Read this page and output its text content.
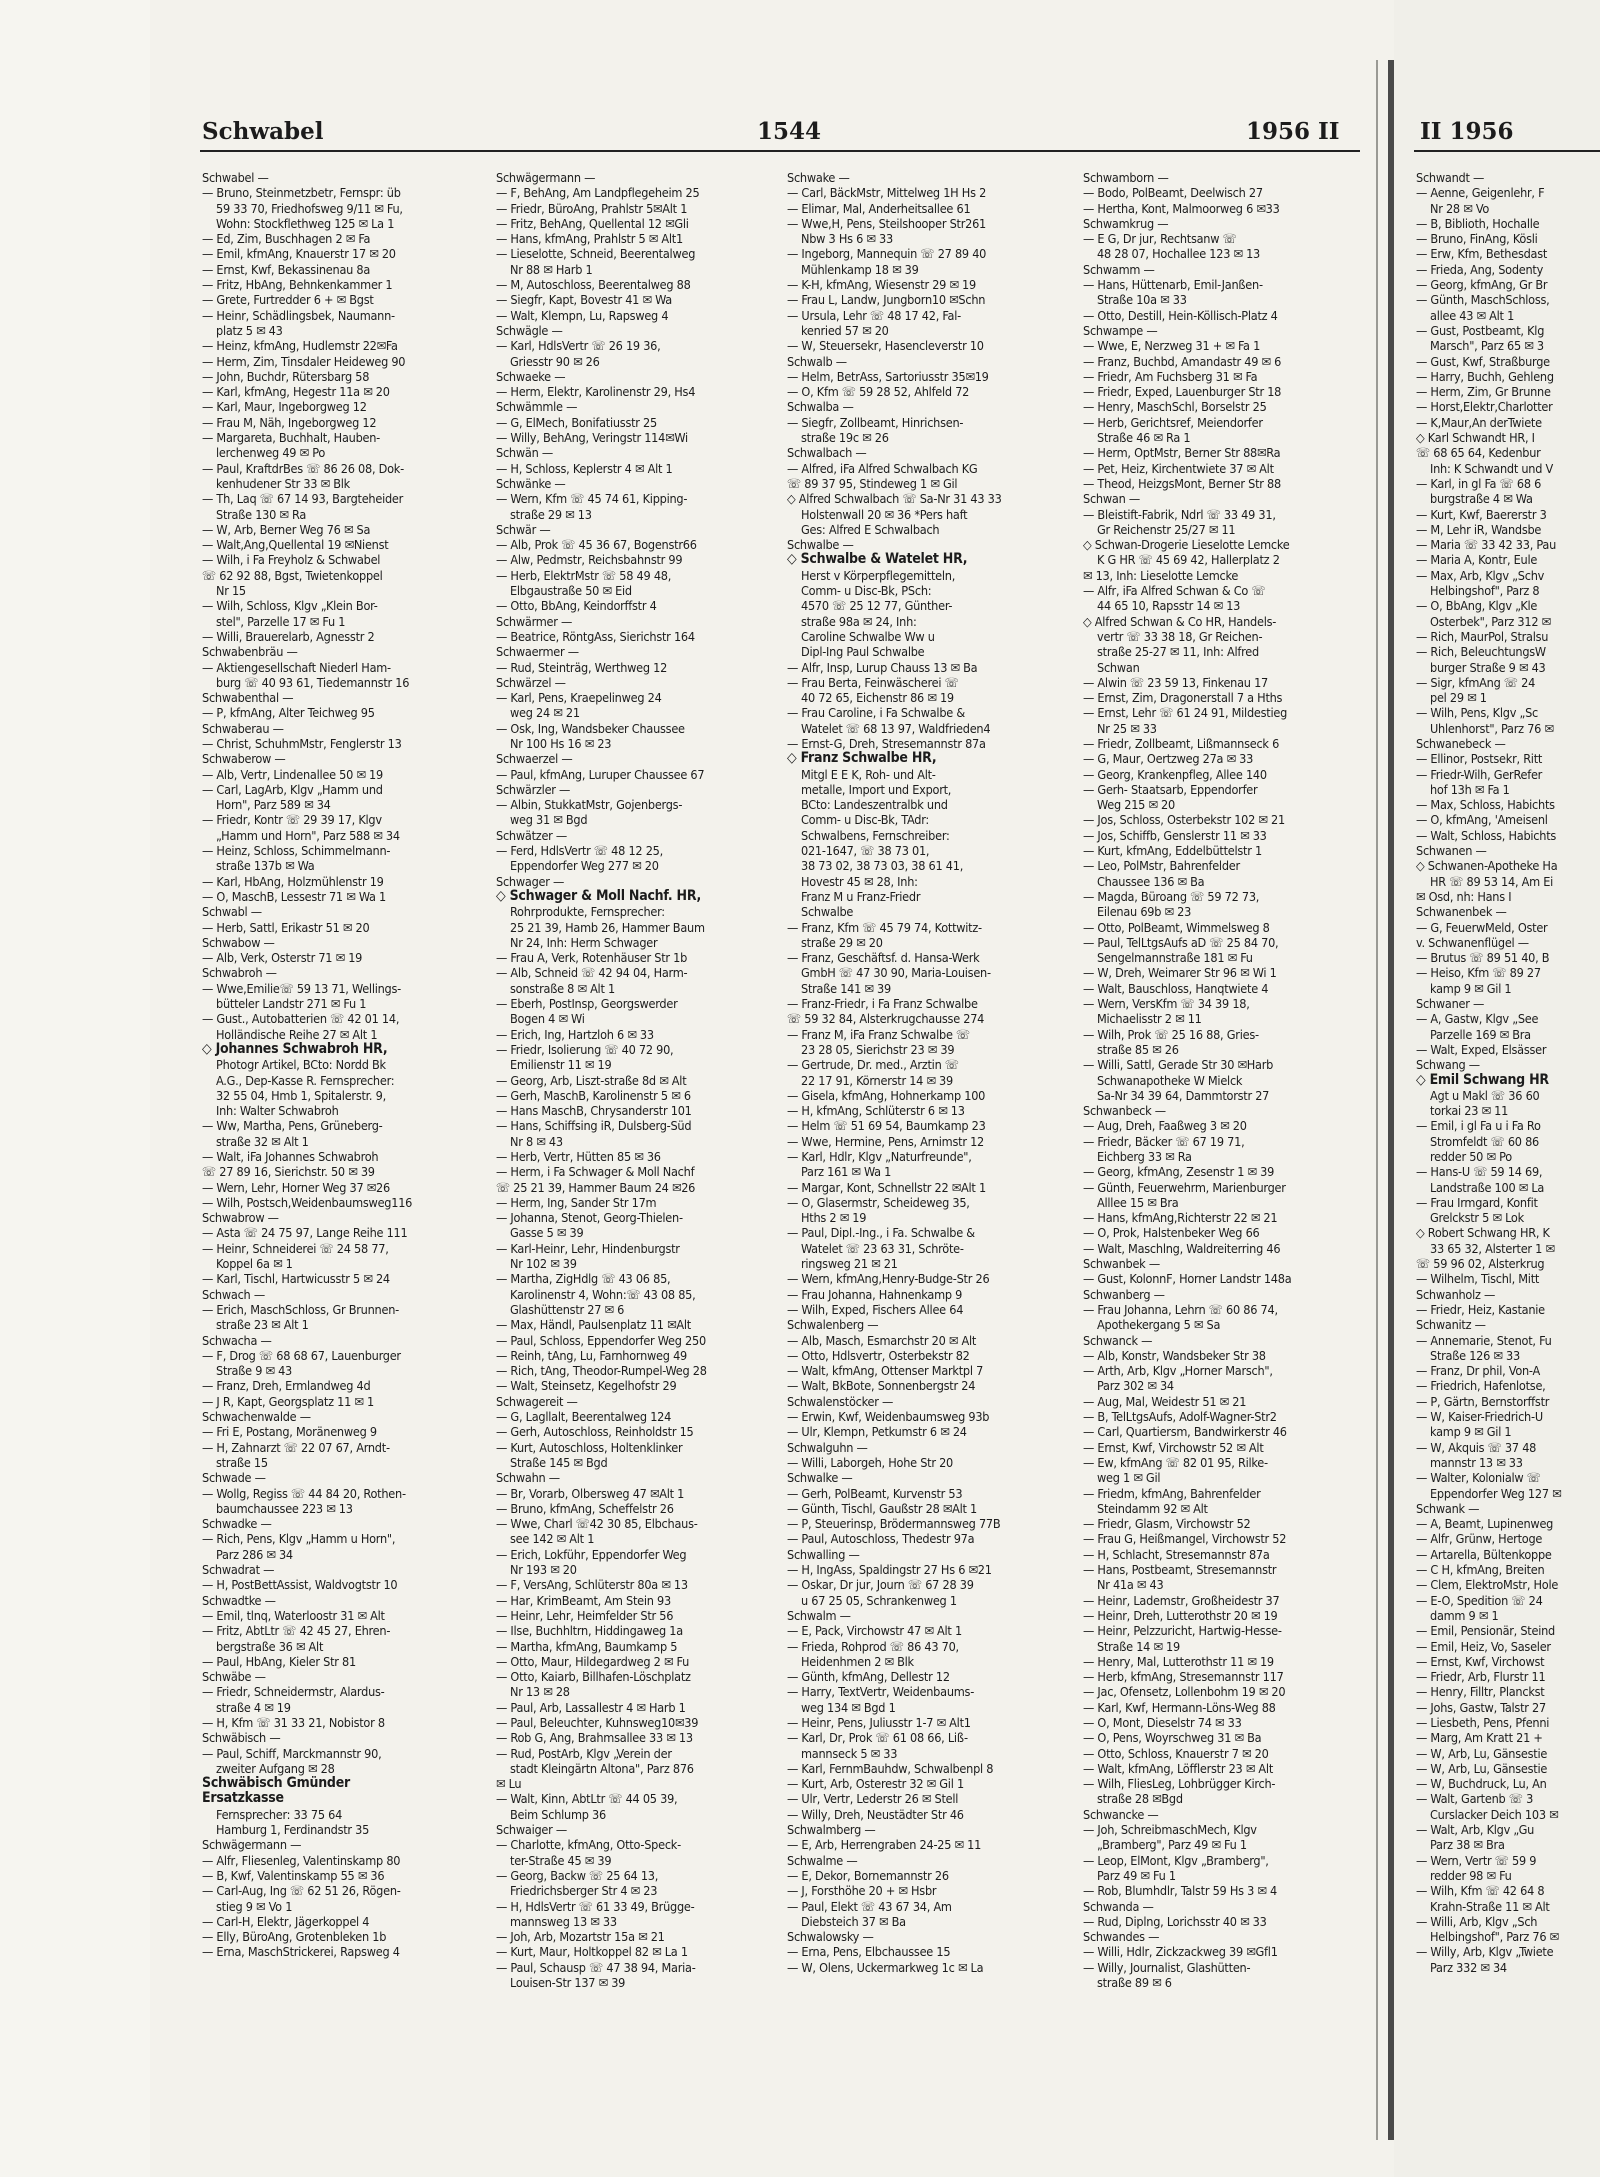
Schwabel	1544	1956 II	II 1956
Schwabel —
— Bruno, Steinmetzbetr, Fernspr: üb
59 33 70, Friedhofsweg 9/11 ✉ Fu,
Wohn: Stockflethweg 125 ✉ La 1
— Ed, Zim, Buschhagen 2 ✉ Fa
— Emil, kfmAng, Knauerstr 17 ✉ 20
— Ernst, Kwf, Bekassinenau 8a
— Fritz, HbAng, Behnkenkammer 1
— Grete, Furtredder 6 + ✉ Bgst
— Heinr, Schädlingsbek, Naumann-
platz 5 ✉ 43
— Heinz, kfmAng, Hudlemstr 22✉Fa
— Herm, Zim, Tinsdaler Heideweg 90
— John, Buchdr, Rütersbarg 58
— Karl, kfmAng, Hegestr 11a ✉ 20
— Karl, Maur, Ingeborgweg 12
— Frau M, Näh, Ingeborgweg 12
— Margareta, Buchhalt, Hauben-
lerchenweg 49 ✉ Po
— Paul, KraftdrBes ☏ 86 26 08, Dok-
kenhudener Str 33 ✉ Blk
— Th, Laq ☏ 67 14 93, Bargteheider
Straße 130 ✉ Ra
— W, Arb, Berner Weg 76 ✉ Sa
— Walt,Ang,Quellental 19 ✉Nienst
— Wilh, i Fa Freyholz & Schwabel
☏ 62 92 88, Bgst, Twietenkoppel
Nr 15
— Wilh, Schloss, Klgv „Klein Bor-
stel", Parzelle 17 ✉ Fu 1
— Willi, Brauerelarb, Agnesstr 2
Schwabenbräu —
— Aktiengesellschaft Niederl Ham-
burg ☏ 40 93 61, Tiedemannstr 16
Schwabenthal —
— P, kfmAng, Alter Teichweg 95
Schwaberau —
— Christ, SchuhmMstr, Fenglerstr 13
Schwaberow —
— Alb, Vertr, Lindenallee 50 ✉ 19
— Carl, LagArb, Klgv „Hamm und
Horn", Parz 589 ✉ 34
— Friedr, Kontr ☏ 29 39 17, Klgv
„Hamm und Horn", Parz 588 ✉ 34
— Heinz, Schloss, Schimmelmann-
straße 137b ✉ Wa
— Karl, HbAng, Holzmühlenstr 19
— O, MaschB, Lessestr 71 ✉ Wa 1
Schwabl —
— Herb, Sattl, Erikastr 51 ✉ 20
Schwabow —
— Alb, Verk, Osterstr 71 ✉ 19
Schwabroh —
— Wwe,Emilie☏ 59 13 71, Wellings-
bütteler Landstr 271 ✉ Fu 1
— Gust., Autobatterien ☏ 42 01 14,
Holländische Reihe 27 ✉ Alt 1
◇ Johannes Schwabroh HR,
Photogr Artikel, BCto: Nordd Bk
A.G., Dep-Kasse R. Fernsprecher:
32 55 04, Hmb 1, Spitalerstr. 9,
Inh: Walter Schwabroh
— Ww, Martha, Pens, Grüneberg-
straße 32 ✉ Alt 1
— Walt, iFa Johannes Schwabroh
☏ 27 89 16, Sierichstr. 50 ✉ 39
— Wern, Lehr, Horner Weg 37 ✉26
— Wilh, Postsch,Weidenbaumsweg116
Schwabrow —
— Asta ☏ 24 75 97, Lange Reihe 111
— Heinr, Schneiderei ☏ 24 58 77,
Koppel 6a ✉ 1
— Karl, Tischl, Hartwicusstr 5 ✉ 24
Schwach —
— Erich, MaschSchloss, Gr Brunnen-
straße 23 ✉ Alt 1
Schwacha —
— F, Drog ☏ 68 68 67, Lauenburger
Straße 9 ✉ 43
— Franz, Dreh, Ermlandweg 4d
— J R, Kapt, Georgsplatz 11 ✉ 1
Schwachenwalde —
— Fri E, Postang, Moränenweg 9
— H, Zahnarzt ☏ 22 07 67, Arndt-
straße 15
Schwade —
— Wollg, Regiss ☏ 44 84 20, Rothen-
baumchaussee 223 ✉ 13
Schwadke —
— Rich, Pens, Klgv „Hamm u Horn",
Parz 286 ✉ 34
Schwadrat —
— H, PostBettAssist, Waldvogtstr 10
Schwadtke —
— Emil, tlnq, Waterloostr 31 ✉ Alt
— Fritz, AbtLtr ☏ 42 45 27, Ehren-
bergstraße 36 ✉ Alt
— Paul, HbAng, Kieler Str 81
Schwäbe —
— Friedr, Schneidermstr, Alardus-
straße 4 ✉ 19
— H, Kfm ☏ 31 33 21, Nobistor 8
Schwäbisch —
— Paul, Schiff, Marckmannstr 90,
zweiter Aufgang ✉ 28
Schwäbisch Gmünder
Ersatzkasse
Fernsprecher: 33 75 64
Hamburg 1, Ferdinandstr 35
Schwägermann —
— Alfr, Fliesenleg, Valentinskamp 80
— B, Kwf, Valentinskamp 55 ✉ 36
— Carl-Aug, Ing ☏ 62 51 26, Rögen-
stieg 9 ✉ Vo 1
— Carl-H, Elektr, Jägerkoppel 4
— Elly, BüroAng, Grotenbleken 1b
— Erna, MaschStrickerei, Rapsweg 4
Schwägermann —
— F, BehAng, Am Landpflegeheim 25
— Friedr, BüroAng, Prahlstr 5✉Alt 1
— Fritz, BehAng, Quellental 12 ✉Gli
— Hans, kfmAng, Prahlstr 5 ✉ Alt1
— Lieselotte, Schneid, Beerentalweg
Nr 88 ✉ Harb 1
— M, Autoschloss, Beerentalweg 88
— Siegfr, Kapt, Bovestr 41 ✉ Wa
— Walt, Klempn, Lu, Rapsweg 4
Schwägle —
— Karl, HdlsVertr ☏ 26 19 36,
Griesstr 90 ✉ 26
Schwaeke —
— Herm, Elektr, Karolinenstr 29, Hs4
Schwämmle —
— G, ElMech, Bonifatiusstr 25
— Willy, BehAng, Veringstr 114✉Wi
Schwän —
— H, Schloss, Keplerstr 4 ✉ Alt 1
Schwänke —
— Wern, Kfm ☏ 45 74 61, Kipping-
straße 29 ✉ 13
Schwär —
— Alb, Prok ☏ 45 36 67, Bogenstr66
— Alw, Pedmstr, Reichsbahnstr 99
— Herb, ElektrMstr ☏ 58 49 48,
Elbgaustraße 50 ✉ Eid
— Otto, BbAng, Keindorffstr 4
Schwärmer —
— Beatrice, RöntgAss, Sierichstr 164
Schwaermer —
— Rud, Steinträg, Werthweg 12
Schwärzel —
— Karl, Pens, Kraepelinweg 24
weg 24 ✉ 21
— Osk, Ing, Wandsbeker Chaussee
Nr 100 Hs 16 ✉ 23
Schwaerzel —
— Paul, kfmAng, Luruper Chaussee 67
Schwärzler —
— Albin, StukkatMstr, Gojenbergs-
weg 31 ✉ Bgd
Schwätzer —
— Ferd, HdlsVertr ☏ 48 12 25,
Eppendorfer Weg 277 ✉ 20
Schwager —
◇ Schwager & Moll Nachf. HR,
Rohrprodukte, Fernsprecher:
25 21 39, Hamb 26, Hammer Baum
Nr 24, Inh: Herm Schwager
— Frau A, Verk, Rotenhäuser Str 1b
— Alb, Schneid ☏ 42 94 04, Harm-
sonstraße 8 ✉ Alt 1
— Eberh, PostInsp, Georgswerder
Bogen 4 ✉ Wi
— Erich, Ing, Hartzloh 6 ✉ 33
— Friedr, Isolierung ☏ 40 72 90,
Emilienstr 11 ✉ 19
— Georg, Arb, Liszt-straße 8d ✉ Alt
— Gerh, MaschB, Karolinenstr 5 ✉ 6
— Hans MaschB, Chrysanderstr 101
— Hans, Schiffsing iR, Dulsberg-Süd
Nr 8 ✉ 43
— Herb, Vertr, Hütten 85 ✉ 36
— Herm, i Fa Schwager & Moll Nachf
☏ 25 21 39, Hammer Baum 24 ✉26
— Herm, Ing, Sander Str 17m
— Johanna, Stenot, Georg-Thielen-
Gasse 5 ✉ 39
— Karl-Heinr, Lehr, Hindenburgstr
Nr 102 ✉ 39
— Martha, ZigHdlg ☏ 43 06 85,
Karolinenstr 4, Wohn:☏ 43 08 85,
Glashüttenstr 27 ✉ 6
— Max, Händl, Paulsenplatz 11 ✉Alt
— Paul, Schloss, Eppendorfer Weg 250
— Reinh, tAng, Lu, Farnhornweg 49
— Rich, tAng, Theodor-Rumpel-Weg 28
— Walt, Steinsetz, Kegelhofstr 29
Schwagereit —
— G, Lagllalt, Beerentalweg 124
— Gerh, Autoschloss, Reinholdstr 15
— Kurt, Autoschloss, Holtenklinker
Straße 145 ✉ Bgd
Schwahn —
— Br, Vorarb, Olbersweg 47 ✉Alt 1
— Bruno, kfmAng, Scheffelstr 26
— Wwe, Charl ☏42 30 85, Elbchaus-
see 142 ✉ Alt 1
— Erich, Lokführ, Eppendorfer Weg
Nr 193 ✉ 20
— F, VersAng, Schlüterstr 80a ✉ 13
— Har, KrimBeamt, Am Stein 93
— Heinr, Lehr, Heimfelder Str 56
— Ilse, Buchhltrn, Hiddingaweg 1a
— Martha, kfmAng, Baumkamp 5
— Otto, Maur, Hildegardweg 2 ✉ Fu
— Otto, Kaiarb, Billhafen-Löschplatz
Nr 13 ✉ 28
— Paul, Arb, Lassallestr 4 ✉ Harb 1
— Paul, Beleuchter, Kuhnsweg10✉39
— Rob G, Ang, Brahmsallee 33 ✉ 13
— Rud, PostArb, Klgv „Verein der
stadt Kleingärtn Altona", Parz 876
✉ Lu
— Walt, Kinn, AbtLtr ☏ 44 05 39,
Beim Schlump 36
Schwaiger —
— Charlotte, kfmAng, Otto-Speck-
ter-Straße 45 ✉ 39
— Georg, Backw ☏ 25 64 13,
Friedrichsberger Str 4 ✉ 23
— H, HdlsVertr ☏ 61 33 49, Brügge-
mannsweg 13 ✉ 33
— Joh, Arb, Mozartstr 15a ✉ 21
— Kurt, Maur, Holtkoppel 82 ✉ La 1
— Paul, Schausp ☏ 47 38 94, Maria-
Louisen-Str 137 ✉ 39
Schwake —
— Carl, BäckMstr, Mittelweg 1H Hs 2
— Elimar, Mal, Anderheitsallee 61
— Wwe,H, Pens, Steilshooper Str261
Nbw 3 Hs 6 ✉ 33
— Ingeborg, Mannequin ☏ 27 89 40
Mühlenkamp 18 ✉ 39
— K-H, kfmAng, Wiesenstr 29 ✉ 19
— Frau L, Landw, Jungborn10 ✉Schn
— Ursula, Lehr ☏ 48 17 42, Fal-
kenried 57 ✉ 20
— W, Steuersekr, Hasencleverstr 10
Schwalb —
— Helm, BetrAss, Sartoriusstr 35✉19
— O, Kfm ☏ 59 28 52, Ahlfeld 72
Schwalba —
— Siegfr, Zollbeamt, Hinrichsen-
straße 19c ✉ 26
Schwalbach —
— Alfred, iFa Alfred Schwalbach KG
☏ 89 37 95, Stindeweg 1 ✉ Gil
◇ Alfred Schwalbach ☏ Sa-Nr 31 43 33
Holstenwall 20 ✉ 36 *Pers haft
Ges: Alfred E Schwalbach
Schwalbe —
◇ Schwalbe & Watelet HR,
Herst v Körperpflegemitteln,
Comm- u Disc-Bk, PSch:
4570 ☏ 25 12 77, Günther-
straße 98a ✉ 24, Inh:
Caroline Schwalbe Ww u
Dipl-Ing Paul Schwalbe
— Alfr, Insp, Lurup Chauss 13 ✉ Ba
— Frau Berta, Feinwäscherei ☏
40 72 65, Eichenstr 86 ✉ 19
— Frau Caroline, i Fa Schwalbe &
Watelet ☏ 68 13 97, Waldfrieden4
— Ernst-G, Dreh, Stresemannstr 87a
◇ Franz Schwalbe HR,
Mitgl E E K, Roh- und Alt-
metalle, Import und Export,
BCto: Landeszentralbk und
Comm- u Disc-Bk, TAdr:
Schwalbens, Fernschreiber:
021-1647, ☏ 38 73 01,
38 73 02, 38 73 03, 38 61 41,
Hovestr 45 ✉ 28, Inh:
Franz M u Franz-Friedr
Schwalbe
— Franz, Kfm ☏ 45 79 74, Kottwitz-
straße 29 ✉ 20
— Franz, Geschäftsf. d. Hansa-Werk
GmbH ☏ 47 30 90, Maria-Louisen-
Straße 141 ✉ 39
— Franz-Friedr, i Fa Franz Schwalbe
☏ 59 32 84, Alsterkrugchausse 274
— Franz M, iFa Franz Schwalbe ☏
23 28 05, Sierichstr 23 ✉ 39
— Gertrude, Dr. med., Arztin ☏
22 17 91, Körnerstr 14 ✉ 39
— Gisela, kfmAng, Hohnerkamp 100
— H, kfmAng, Schlüterstr 6 ✉ 13
— Helm ☏ 51 69 54, Baumkamp 23
— Wwe, Hermine, Pens, Arnimstr 12
— Karl, Hdlr, Klgv „Naturfreunde",
Parz 161 ✉ Wa 1
— Margar, Kont, Schnellstr 22 ✉Alt 1
— O, Glasermstr, Scheideweg 35,
Hths 2 ✉ 19
— Paul, Dipl.-Ing., i Fa. Schwalbe &
Watelet ☏ 23 63 31, Schröte-
ringsweg 21 ✉ 21
— Wern, kfmAng,Henry-Budge-Str 26
— Frau Johanna, Hahnenkamp 9
— Wilh, Exped, Fischers Allee 64
Schwalenberg —
— Alb, Masch, Esmarchstr 20 ✉ Alt
— Otto, Hdlsvertr, Osterbekstr 82
— Walt, kfmAng, Ottenser Marktpl 7
— Walt, BkBote, Sonnenbergstr 24
Schwalenstöcker —
— Erwin, Kwf, Weidenbaumsweg 93b
— Ulr, Klempn, Petkumstr 6 ✉ 24
Schwalguhn —
— Willi, Laborgeh, Hohe Str 20
Schwalke —
— Gerh, PolBeamt, Kurvenstr 53
— Günth, Tischl, Gaußstr 28 ✉Alt 1
— P, Steuerinsp, Brödermannsweg 77B
— Paul, Autoschloss, Thedestr 97a
Schwalling —
— H, IngAss, Spaldingstr 27 Hs 6 ✉21
— Oskar, Dr jur, Journ ☏ 67 28 39
u 67 25 05, Schrankenweg 1
Schwalm —
— E, Pack, Virchowstr 47 ✉ Alt 1
— Frieda, Rohprod ☏ 86 43 70,
Heidenhmen 2 ✉ Blk
— Günth, kfmAng, Dellestr 12
— Harry, TextVertr, Weidenbaums-
weg 134 ✉ Bgd 1
— Heinr, Pens, Juliusstr 1-7 ✉ Alt1
— Karl, Dr, Prok ☏ 61 08 66, Liß-
mannseck 5 ✉ 33
— Karl, FernmBauhdw, Schwalbenpl 8
— Kurt, Arb, Osterestr 32 ✉ Gil 1
— Ulr, Vertr, Lederstr 26 ✉ Stell
— Willy, Dreh, Neustädter Str 46
Schwalmberg —
— E, Arb, Herrengraben 24-25 ✉ 11
Schwalme —
— E, Dekor, Bornemannstr 26
— J, Forsthöhe 20 + ✉ Hsbr
— Paul, Elekt ☏ 43 67 34, Am
Diebsteich 37 ✉ Ba
Schwalowsky —
— Erna, Pens, Elbchaussee 15
— W, Olens, Uckermarkweg 1c ✉ La
Schwamborn —
— Bodo, PolBeamt, Deelwisch 27
— Hertha, Kont, Malmoorweg 6 ✉33
Schwamkrug —
— E G, Dr jur, Rechtsanw ☏
48 28 07, Hochallee 123 ✉ 13
Schwamm —
— Hans, Hüttenarb, Emil-Janßen-
Straße 10a ✉ 33
— Otto, Destill, Hein-Köllisch-Platz 4
Schwampe —
— Wwe, E, Nerzweg 31 + ✉ Fa 1
— Franz, Buchbd, Amandastr 49 ✉ 6
— Friedr, Am Fuchsberg 31 ✉ Fa
— Friedr, Exped, Lauenburger Str 18
— Henry, MaschSchl, Borselstr 25
— Herb, Gerichtsref, Meiendorfer
Straße 46 ✉ Ra 1
— Herm, OptMstr, Berner Str 88✉Ra
— Pet, Heiz, Kirchentwiete 37 ✉ Alt
— Theod, HeizgsMont, Berner Str 88
Schwan —
— Bleistift-Fabrik, Ndrl ☏ 33 49 31,
Gr Reichenstr 25/27 ✉ 11
◇ Schwan-Drogerie Lieselotte Lemcke
K G HR ☏ 45 69 42, Hallerplatz 2
✉ 13, Inh: Lieselotte Lemcke
— Alfr, iFa Alfred Schwan & Co ☏
44 65 10, Rapsstr 14 ✉ 13
◇ Alfred Schwan & Co HR, Handels-
vertr ☏ 33 38 18, Gr Reichen-
straße 25-27 ✉ 11, Inh: Alfred
Schwan
— Alwin ☏ 23 59 13, Finkenau 17
— Ernst, Zim, Dragonerstall 7 a Hths
— Ernst, Lehr ☏ 61 24 91, Mildestieg
Nr 25 ✉ 33
— Friedr, Zollbeamt, Lißmannseck 6
— G, Maur, Oertzweg 27a ✉ 33
— Georg, Krankenpfleg, Allee 140
— Gerh- Staatsarb, Eppendorfer
Weg 215 ✉ 20
— Jos, Schloss, Osterbekstr 102 ✉ 21
— Jos, Schiffb, Genslerstr 11 ✉ 33
— Kurt, kfmAng, Eddelbüttelstr 1
— Leo, PolMstr, Bahrenfelder
Chaussee 136 ✉ Ba
— Magda, Büroang ☏ 59 72 73,
Eilenau 69b ✉ 23
— Otto, PolBeamt, Wimmelsweg 8
— Paul, TelLtgsAufs aD ☏ 25 84 70,
Sengelmannstraße 181 ✉ Fu
— W, Dreh, Weimarer Str 96 ✉ Wi 1
— Walt, Bauschloss, Hanqtwiete 4
— Wern, VersKfm ☏ 34 39 18,
Michaelisstr 2 ✉ 11
— Wilh, Prok ☏ 25 16 88, Gries-
straße 85 ✉ 26
— Willi, Sattl, Gerade Str 30 ✉Harb
Schwanapotheke W Mielck
Sa-Nr 34 39 64, Dammtorstr 27
Schwanbeck —
— Aug, Dreh, Faaßweg 3 ✉ 20
— Friedr, Bäcker ☏ 67 19 71,
Eichberg 33 ✉ Ra
— Georg, kfmAng, Zesenstr 1 ✉ 39
— Günth, Feuerwehrm, Marienburger
Alllee 15 ✉ Bra
— Hans, kfmAng,Richterstr 22 ✉ 21
— O, Prok, Halstenbeker Weg 66
— Walt, Maschlng, Waldreiterring 46
Schwanbek —
— Gust, KolonnF, Horner Landstr 148a
Schwanberg —
— Frau Johanna, Lehrn ☏ 60 86 74,
Apothekergang 5 ✉ Sa
Schwanck —
— Alb, Konstr, Wandsbeker Str 38
— Arth, Arb, Klgv „Horner Marsch",
Parz 302 ✉ 34
— Aug, Mal, Weidestr 51 ✉ 21
— B, TelLtgsAufs, Adolf-Wagner-Str2
— Carl, Quartiersm, Bandwirkerstr 46
— Ernst, Kwf, Virchowstr 52 ✉ Alt
— Ew, kfmAng ☏ 82 01 95, Rilke-
weg 1 ✉ Gil
— Friedm, kfmAng, Bahrenfelder
Steindamm 92 ✉ Alt
— Friedr, Glasm, Virchowstr 52
— Frau G, Heißmangel, Virchowstr 52
— H, Schlacht, Stresemannstr 87a
— Hans, Postbeamt, Stresemannstr
Nr 41a ✉ 43
— Heinr, Lademstr, Großheidestr 37
— Heinr, Dreh, Lutterothstr 20 ✉ 19
— Heinr, Pelzzuricht, Hartwig-Hesse-
Straße 14 ✉ 19
— Henry, Mal, Lutterothstr 11 ✉ 19
— Herb, kfmAng, Stresemannstr 117
— Jac, Ofensetz, Lollenbohm 19 ✉ 20
— Karl, Kwf, Hermann-Löns-Weg 88
— O, Mont, Dieselstr 74 ✉ 33
— O, Pens, Woyrschweg 31 ✉ Ba
— Otto, Schloss, Knauerstr 7 ✉ 20
— Walt, kfmAng, Löfflerstr 23 ✉ Alt
— Wilh, FliesLeg, Lohbrügger Kirch-
straße 28 ✉Bgd
Schwancke —
— Joh, SchreibmaschMech, Klgv
„Bramberg", Parz 49 ✉ Fu 1
— Leop, ElMont, Klgv „Bramberg",
Parz 49 ✉ Fu 1
— Rob, Blumhdlr, Talstr 59 Hs 3 ✉ 4
Schwanda —
— Rud, Diplng, Lorichsstr 40 ✉ 33
Schwandes —
— Willi, Hdlr, Zickzackweg 39 ✉Gfl1
— Willy, Journalist, Glashütten-
straße 89 ✉ 6
Schwandt —
— Aenne, Geigenlehr, F
Nr 28 ✉ Vo
— B, Biblioth, Hochalle
— Bruno, FinAng, Kösli
— Erw, Kfm, Bethesdast
— Frieda, Ang, Sodenty
— Georg, kfmAng, Gr Br
— Günth, MaschSchloss,
allee 43 ✉ Alt 1
— Gust, Postbeamt, Klg
Marsch", Parz 65 ✉ 3
— Gust, Kwf, Straßburge
— Harry, Buchh, Gehleng
— Herm, Zim, Gr Brunne
— Horst,Elektr,Charlotter
— K,Maur,An derTwiete
◇ Karl Schwandt HR, I
☏ 68 65 64, Kedenbur
Inh: K Schwandt und V
— Karl, in gl Fa ☏ 68 6
burgstraße 4 ✉ Wa
— Kurt, Kwf, Baererstr 3
— M, Lehr iR, Wandsbe
— Maria ☏ 33 42 33, Pau
— Maria A, Kontr, Eule
— Max, Arb, Klgv „Schv
Helbingshof", Parz 8
— O, BbAng, Klgv „Kle
Osterbek", Parz 312 ✉
— Rich, MaurPol, Stralsu
— Rich, BeleuchtungsW
burger Straße 9 ✉ 43
— Sigr, kfmAng ☏ 24
pel 29 ✉ 1
— Wilh, Pens, Klgv „Sc
Uhlenhorst", Parz 76 ✉
Schwanebeck —
— Ellinor, Postsekr, Ritt
— Friedr-Wilh, GerRefer
hof 13h ✉ Fa 1
— Max, Schloss, Habichts
— O, kfmAng, 'Ameisenl
— Walt, Schloss, Habichts
Schwanen —
◇ Schwanen-Apotheke Ha
HR ☏ 89 53 14, Am Ei
✉ Osd, nh: Hans I
Schwanenbek —
— G, FeuerwMeld, Oster
v. Schwanenflügel —
— Brutus ☏ 89 51 40, B
— Heiso, Kfm ☏ 89 27
kamp 9 ✉ Gil 1
Schwaner —
— A, Gastw, Klgv „See
Parzelle 169 ✉ Bra
— Walt, Exped, Elsässer
Schwang —
◇ Emil Schwang HR
Agt u Makl ☏ 36 60
torkai 23 ✉ 11
— Emil, i gl Fa u i Fa Ro
Stromfeldt ☏ 60 86
redder 50 ✉ Po
— Hans-U ☏ 59 14 69,
Landstraße 100 ✉ La
— Frau Irmgard, Konfit
Grelckstr 5 ✉ Lok
◇ Robert Schwang HR, K
33 65 32, Alsterter 1 ✉
☏ 59 96 02, Alsterkrug
— Wilhelm, Tischl, Mitt
Schwanholz —
— Friedr, Heiz, Kastanie
Schwanitz —
— Annemarie, Stenot, Fu
Straße 126 ✉ 33
— Franz, Dr phil, Von-A
— Friedrich, Hafenlotse,
— P, Gärtn, Bernstorffstr
— W, Kaiser-Friedrich-U
kamp 9 ✉ Gil 1
— W, Akquis ☏ 37 48
mannstr 13 ✉ 33
— Walter, Kolonialw ☏
Eppendorfer Weg 127 ✉
Schwank —
— A, Beamt, Lupinenweg
— Alfr, Grünw, Hertoge
— Artarella, Bültenkoppe
— C H, kfmAng, Breiten
— Clem, ElektroMstr, Hole
— E-O, Spedition ☏ 24
damm 9 ✉ 1
— Emil, Pensionär, Steind
— Emil, Heiz, Vo, Saseler
— Ernst, Kwf, Virchowst
— Friedr, Arb, Flurstr 11
— Henry, Filltr, Planckst
— Johs, Gastw, Talstr 27
— Liesbeth, Pens, Pfenni
— Marg, Am Kratt 21 +
— W, Arb, Lu, Gänsestie
— W, Arb, Lu, Gänsestie
— W, Buchdruck, Lu, An
— Walt, Gartenb ☏ 3
Curslacker Deich 103 ✉
— Walt, Arb, Klgv „Gu
Parz 38 ✉ Bra
— Wern, Vertr ☏ 59 9
redder 98 ✉ Fu
— Wilh, Kfm ☏ 42 64 8
Krahn-Straße 11 ✉ Alt
— Willi, Arb, Klgv „Sch
Helbingshof", Parz 76 ✉
— Willy, Arb, Klgv „Twiete
Parz 332 ✉ 34
